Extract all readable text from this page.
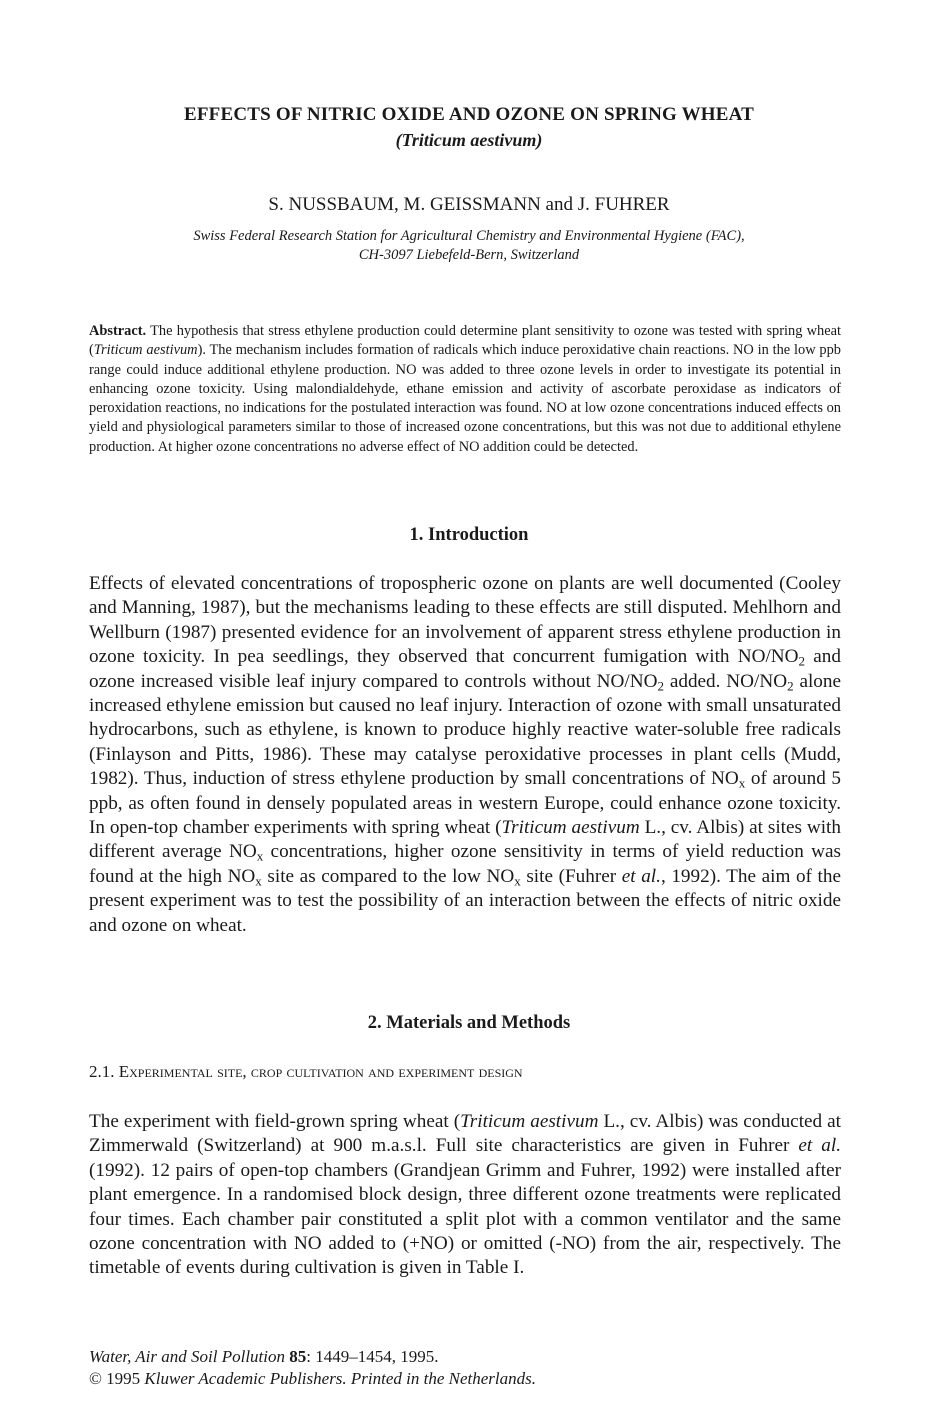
EFFECTS OF NITRIC OXIDE AND OZONE ON SPRING WHEAT
(Triticum aestivum)
S. NUSSBAUM, M. GEISSMANN and J. FUHRER
Swiss Federal Research Station for Agricultural Chemistry and Environmental Hygiene (FAC),
CH-3097 Liebefeld-Bern, Switzerland

Abstract. The hypothesis that stress ethylene production could determine plant sensitivity to ozone was tested with spring wheat (Triticum aestivum). The mechanism includes formation of radicals which induce peroxidative chain reactions. NO in the low ppb range could induce additional ethylene production. NO was added to three ozone levels in order to investigate its potential in enhancing ozone toxicity. Using malondialdehyde, ethane emission and activity of ascorbate peroxidase as indicators of peroxidation reactions, no indications for the postulated interaction was found. NO at low ozone concentrations induced effects on yield and physiological parameters similar to those of increased ozone concentrations, but this was not due to additional ethylene production. At higher ozone concentrations no adverse effect of NO addition could be detected.

1. Introduction

Effects of elevated concentrations of tropospheric ozone on plants are well documented (Cooley and Manning, 1987), but the mechanisms leading to these effects are still disputed. Mehlhorn and Wellburn (1987) presented evidence for an involvement of apparent stress ethylene production in ozone toxicity. In pea seedlings, they observed that concurrent fumigation with $NO/NO_2$ and ozone increased visible leaf injury compared to controls without $NO/NO_2$ added. $NO/NO_2$ alone increased ethylene emission but caused no leaf injury. Interaction of ozone with small unsaturated hydrocarbons, such as ethylene, is known to produce highly reactive water-soluble free radicals (Finlayson and Pitts, 1986). These may catalyse peroxidative processes in plant cells (Mudd, 1982). Thus, induction of stress ethylene production by small concentrations of $NO_x$ of around 5 ppb, as often found in densely populated areas in western Europe, could enhance ozone toxicity. In open-top chamber experiments with spring wheat (Triticum aestivum L., cv. Albis) at sites with different average $NO_x$ concentrations, higher ozone sensitivity in terms of yield reduction was found at the high $NO_x$ site as compared to the low $NO_x$ site (Fuhrer et al., 1992). The aim of the present experiment was to test the possibility of an interaction between the effects of nitric oxide and ozone on wheat.

2. Materials and Methods
2.1. Experimental site, crop cultivation and experiment design

The experiment with field-grown spring wheat (Triticum aestivum L., cv. Albis) was conducted at Zimmerwald (Switzerland) at 900 m.a.s.l. Full site characteristics are given in Fuhrer et al. (1992). 12 pairs of open-top chambers (Grandjean Grimm and Fuhrer, 1992) were installed after plant emergence. In a randomised block design, three different ozone treatments were replicated four times. Each chamber pair constituted a split plot with a common ventilator and the same ozone concentration with NO added to (+NO) or omitted (-NO) from the air, respectively. The timetable of events during cultivation is given in Table I.

Water, Air and Soil Pollution 85: 1449–1454, 1995.
© 1995 Kluwer Academic Publishers. Printed in the Netherlands.
